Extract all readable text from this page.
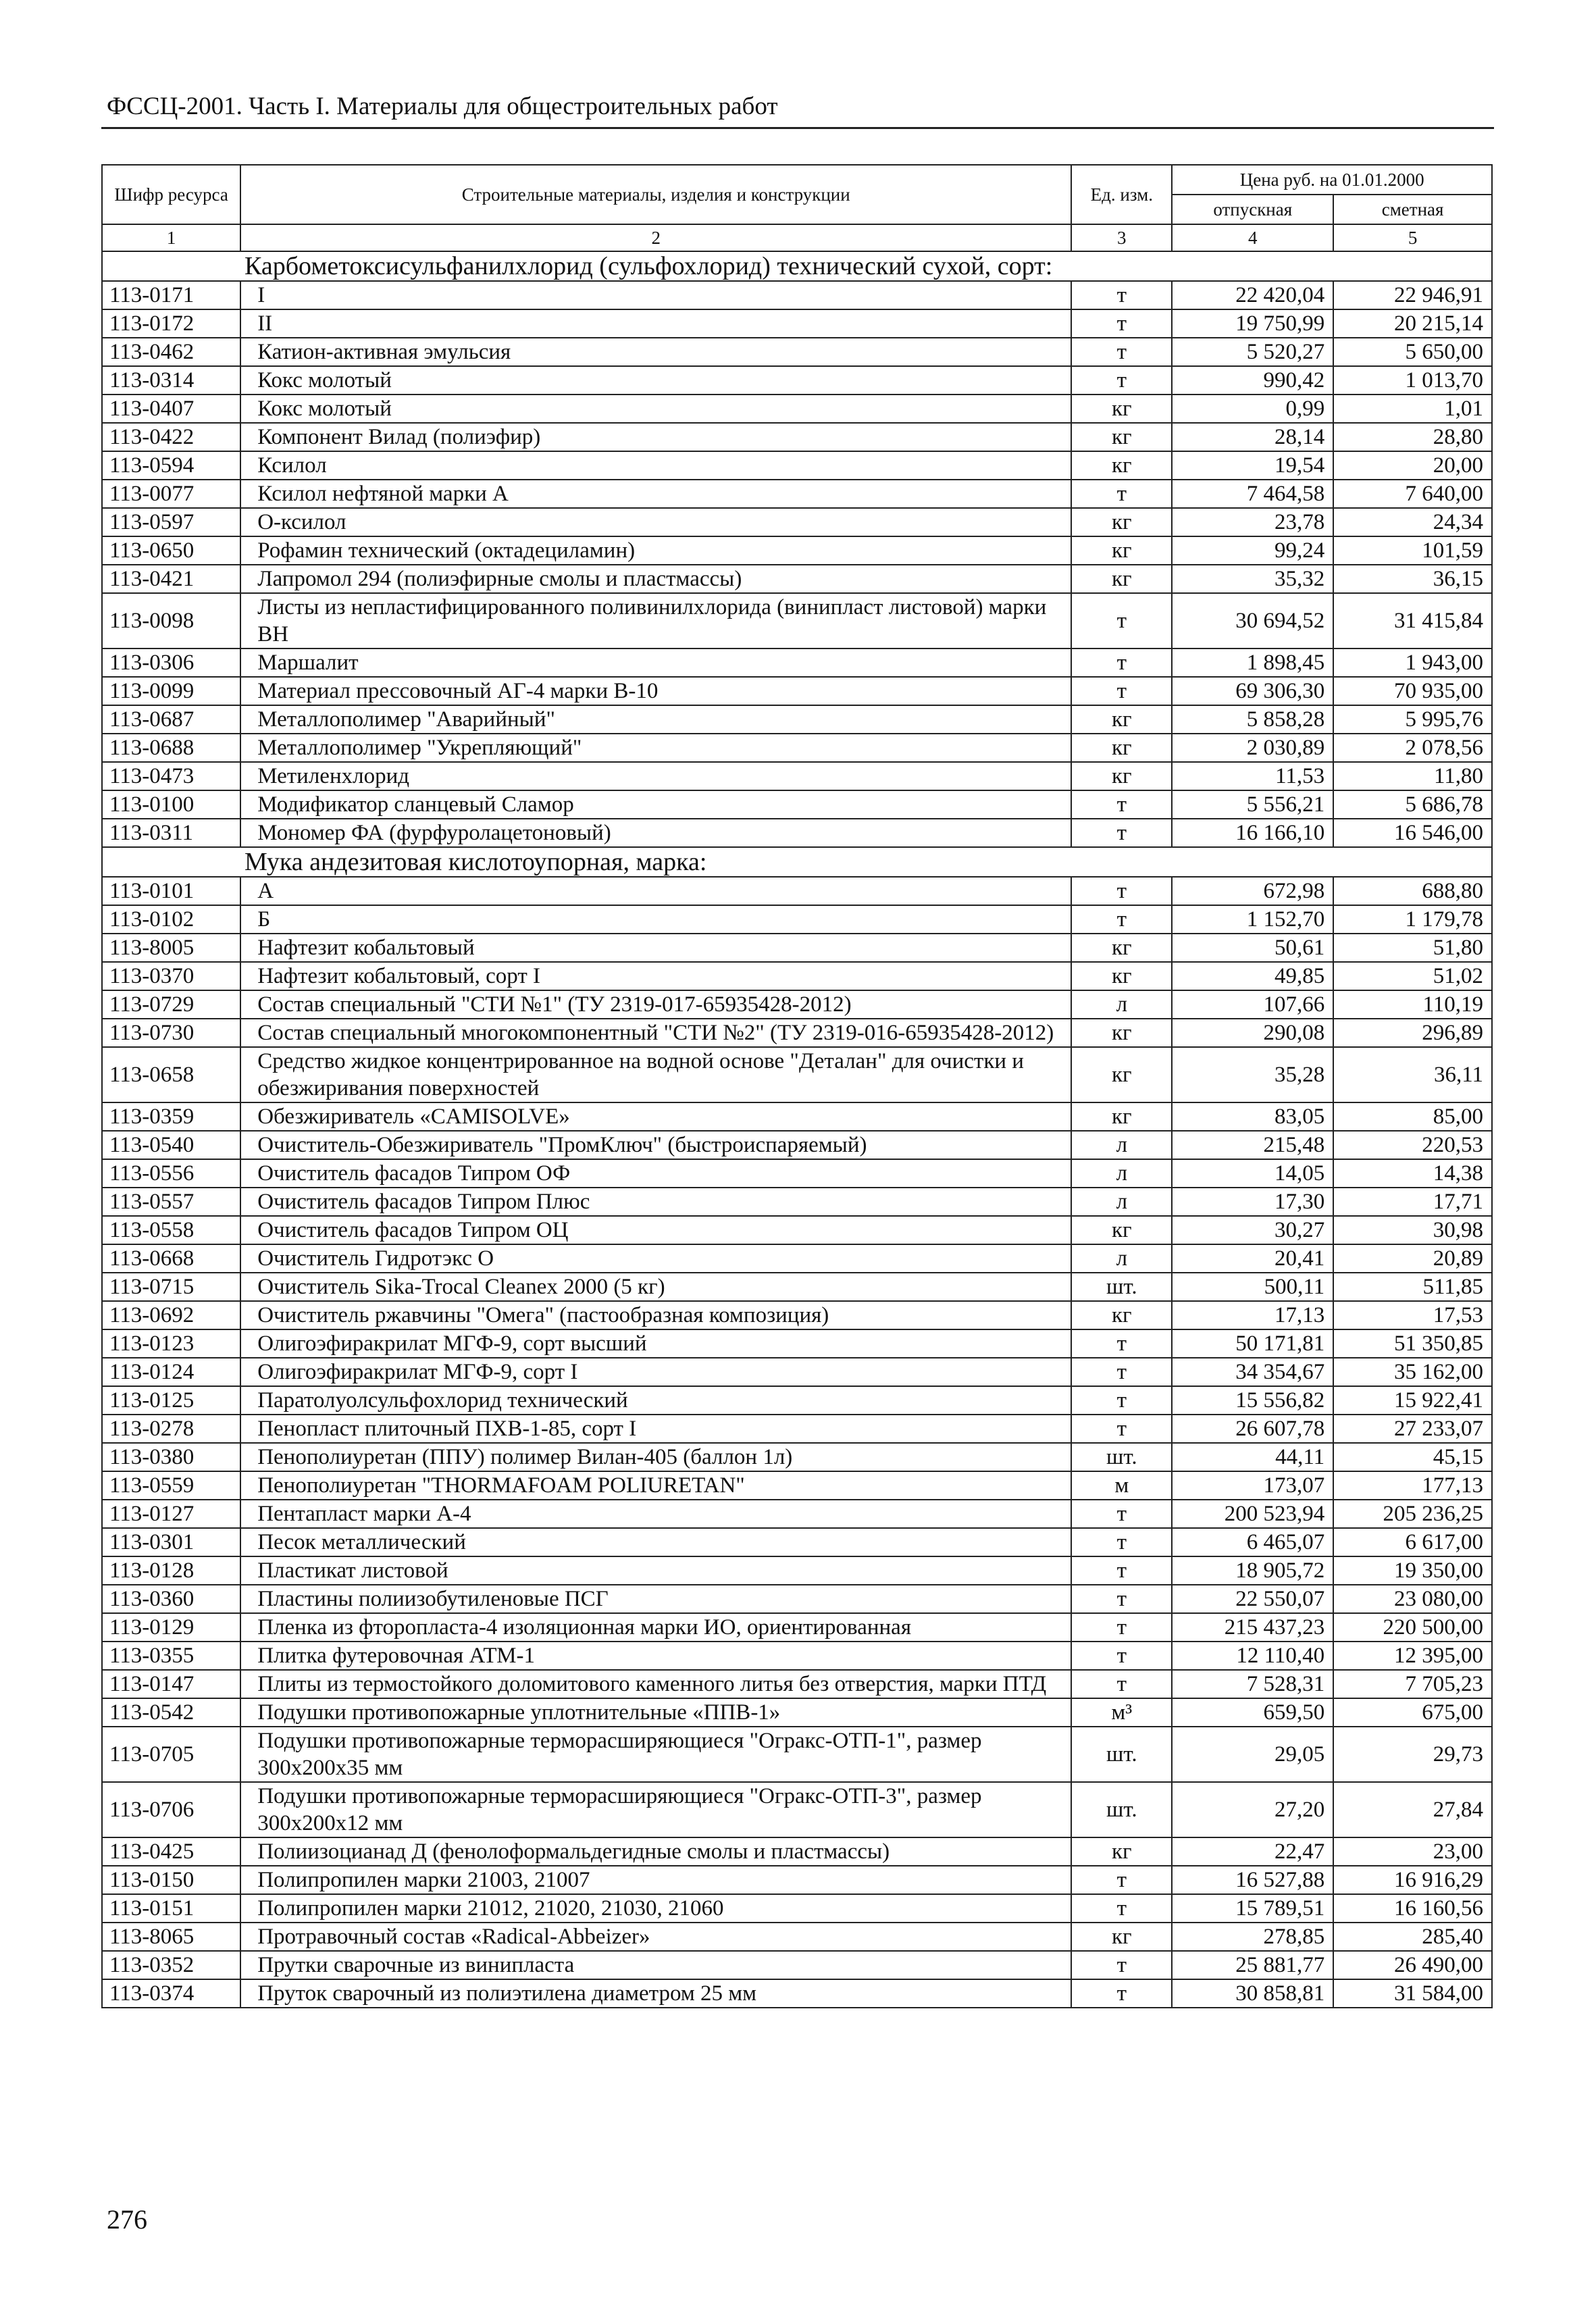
ФССЦ-2001. Часть I. Материалы для общестроительных работ
Шифр ресурса	Строительные материалы, изделия и конструкции	Ед. изм.	Цена руб. на 01.01.2000	
			отпускная	сметная
1	2	3	4	5
Карбометоксисульфанилхлорид (сульфохлорид) технический сухой, сорт:				
113-0171	I	т	22 420,04	22 946,91
113-0172	II	т	19 750,99	20 215,14
113-0462	Катион-активная эмульсия	т	5 520,27	5 650,00
113-0314	Кокс молотый	т	990,42	1 013,70
113-0407	Кокс молотый	кг	0,99	1,01
113-0422	Компонент Вилад (полиэфир)	кг	28,14	28,80
113-0594	Ксилол	кг	19,54	20,00
113-0077	Ксилол нефтяной марки А	т	7 464,58	7 640,00
113-0597	О-ксилол	кг	23,78	24,34
113-0650	Рофамин технический (октадециламин)	кг	99,24	101,59
113-0421	Лапромол 294 (полиэфирные смолы и пластмассы)	кг	35,32	36,15
113-0098	Листы из непластифицированного поливинилхлорида (винипласт листовой) марки ВН	т	30 694,52	31 415,84
113-0306	Маршалит	т	1 898,45	1 943,00
113-0099	Материал прессовочный АГ-4 марки В-10	т	69 306,30	70 935,00
113-0687	Металлополимер "Аварийный"	кг	5 858,28	5 995,76
113-0688	Металлополимер "Укрепляющий"	кг	2 030,89	2 078,56
113-0473	Метиленхлорид	кг	11,53	11,80
113-0100	Модификатор сланцевый Сламор	т	5 556,21	5 686,78
113-0311	Мономер ФА (фурфуролацетоновый)	т	16 166,10	16 546,00
Мука андезитовая кислотоупорная, марка:				
113-0101	А	т	672,98	688,80
113-0102	Б	т	1 152,70	1 179,78
113-8005	Нафтезит кобальтовый	кг	50,61	51,80
113-0370	Нафтезит кобальтовый, сорт I	кг	49,85	51,02
113-0729	Состав специальный "СТИ №1" (ТУ 2319-017-65935428-2012)	л	107,66	110,19
113-0730	Состав специальный многокомпонентный "СТИ №2" (ТУ 2319-016-65935428-2012)	кг	290,08	296,89
113-0658	Средство жидкое концентрированное на водной основе "Деталан" для очистки и обезжиривания поверхностей	кг	35,28	36,11
113-0359	Обезжириватель «CAMISOLVE»	кг	83,05	85,00
113-0540	Очиститель-Обезжириватель "ПромКлюч" (быстроиспаряемый)	л	215,48	220,53
113-0556	Очиститель фасадов Типром ОФ	л	14,05	14,38
113-0557	Очиститель фасадов Типром Плюс	л	17,30	17,71
113-0558	Очиститель фасадов Типром ОЦ	кг	30,27	30,98
113-0668	Очиститель Гидротэкс О	л	20,41	20,89
113-0715	Очиститель Sika-Trocal Cleanex 2000 (5 кг)	шт.	500,11	511,85
113-0692	Очиститель ржавчины "Омега" (пастообразная композиция)	кг	17,13	17,53
113-0123	Олигоэфиракрилат МГФ-9, сорт высший	т	50 171,81	51 350,85
113-0124	Олигоэфиракрилат МГФ-9, сорт I	т	34 354,67	35 162,00
113-0125	Паратолуолсульфохлорид технический	т	15 556,82	15 922,41
113-0278	Пенопласт плиточный ПХВ-1-85, сорт I	т	26 607,78	27 233,07
113-0380	Пенополиуретан (ППУ) полимер Вилан-405 (баллон 1л)	шт.	44,11	45,15
113-0559	Пенополиуретан "THORMAFOAM POLIURETAN"	м	173,07	177,13
113-0127	Пентапласт марки А-4	т	200 523,94	205 236,25
113-0301	Песок металлический	т	6 465,07	6 617,00
113-0128	Пластикат листовой	т	18 905,72	19 350,00
113-0360	Пластины полиизобутиленовые ПСГ	т	22 550,07	23 080,00
113-0129	Пленка из фторопласта-4 изоляционная марки ИО, ориентированная	т	215 437,23	220 500,00
113-0355	Плитка футеровочная АТМ-1	т	12 110,40	12 395,00
113-0147	Плиты из термостойкого доломитового каменного литья без отверстия, марки ПТД	т	7 528,31	7 705,23
113-0542	Подушки противопожарные уплотнительные «ППВ-1»	м³	659,50	675,00
113-0705	Подушки противопожарные терморасширяющиеся "Огракс-ОТП-1", размер 300х200х35 мм	шт.	29,05	29,73
113-0706	Подушки противопожарные терморасширяющиеся "Огракс-ОТП-3", размер 300х200х12 мм	шт.	27,20	27,84
113-0425	Полиизоцианад Д (фенолоформальдегидные смолы и пластмассы)	кг	22,47	23,00
113-0150	Полипропилен марки 21003, 21007	т	16 527,88	16 916,29
113-0151	Полипропилен марки 21012, 21020, 21030, 21060	т	15 789,51	16 160,56
113-8065	Протравочный состав «Radical-Abbeizer»	кг	278,85	285,40
113-0352	Прутки сварочные из винипласта	т	25 881,77	26 490,00
113-0374	Пруток сварочный из полиэтилена диаметром 25 мм	т	30 858,81	31 584,00
276
